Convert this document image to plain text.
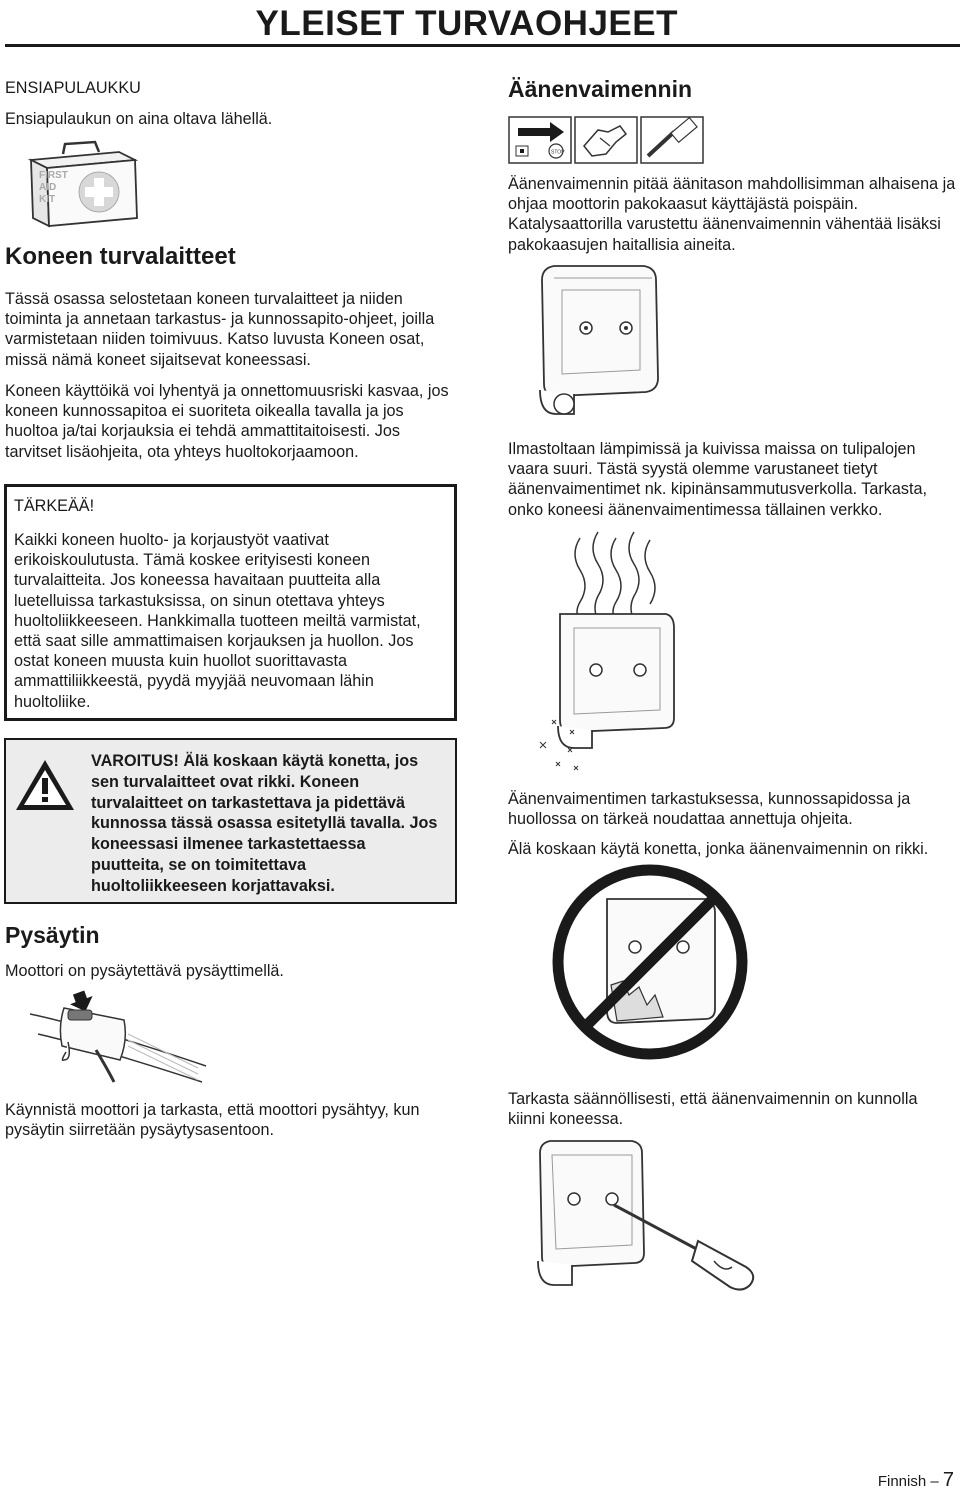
YLEISET TURVAOHJEET
ENSIAPULAUKKU
Ensiapulaukun on aina oltava lähellä.
FIRST
AID
KIT
Koneen turvalaitteet

Tässä osassa selostetaan koneen turvalaitteet ja niiden toiminta ja annetaan tarkastus- ja kunnossapito-ohjeet, joilla varmistetaan niiden toimivuus. Katso luvusta Koneen osat, missä nämä koneet sijaitsevat koneessasi.

Koneen käyttöikä voi lyhentyä ja onnettomuusriski kasvaa, jos koneen kunnossapitoa ei suoriteta oikealla tavalla ja jos huoltoa ja/tai korjauksia ei tehdä ammattitaitoisesti. Jos tarvitset lisäohjeita, ota yhteys huoltokorjaamoon.

TÄRKEÄÄ!

Kaikki koneen huolto- ja korjaustyöt vaativat erikoiskoulutusta. Tämä koskee erityisesti koneen turvalaitteita. Jos koneessa havaitaan puutteita alla luetelluissa tarkastuksissa, on sinun otettava yhteys huoltoliikkeeseen. Hankkimalla tuotteen meiltä varmistat, että saat sille ammattimaisen korjauksen ja huollon. Jos ostat koneen muusta kuin huollot suorittavasta ammattiliikkeestä, pyydä myyjää neuvomaan lähin huoltoliike.

VAROITUS! Älä koskaan käytä konetta, jos sen turvalaitteet ovat rikki. Koneen turvalaitteet on tarkastettava ja pidettävä kunnossa tässä osassa esitetyllä tavalla. Jos koneessasi ilmenee tarkastettaessa puutteita, se on toimitettava huoltoliikkeeseen korjattavaksi.

Pysäytin

Moottori on pysäytettävä pysäyttimellä.

Käynnistä moottori ja tarkasta, että moottori pysähtyy, kun pysäytin siirretään pysäytysasentoon.

Äänenvaimennin
STOP

Äänenvaimennin pitää äänitason mahdollisimman alhaisena ja ohjaa moottorin pakokaasut käyttäjästä poispäin. Katalysaattorilla varustettu äänenvaimennin vähentää lisäksi pakokaasujen haitallisia aineita.

Ilmastoltaan lämpimissä ja kuivissa maissa on tulipalojen vaara suuri. Tästä syystä olemme varustaneet tietyt äänenvaimentimet nk. kipinänsammutusverkolla. Tarkasta, onko koneesi äänenvaimentimessa tällainen verkko.

Äänenvaimentimen tarkastuksessa, kunnossapidossa ja huollossa on tärkeä noudattaa annettuja ohjeita.

Älä koskaan käytä konetta, jonka äänenvaimennin on rikki.

Tarkasta säännöllisesti, että äänenvaimennin on kunnolla kiinni koneessa.

Finnish – 7
